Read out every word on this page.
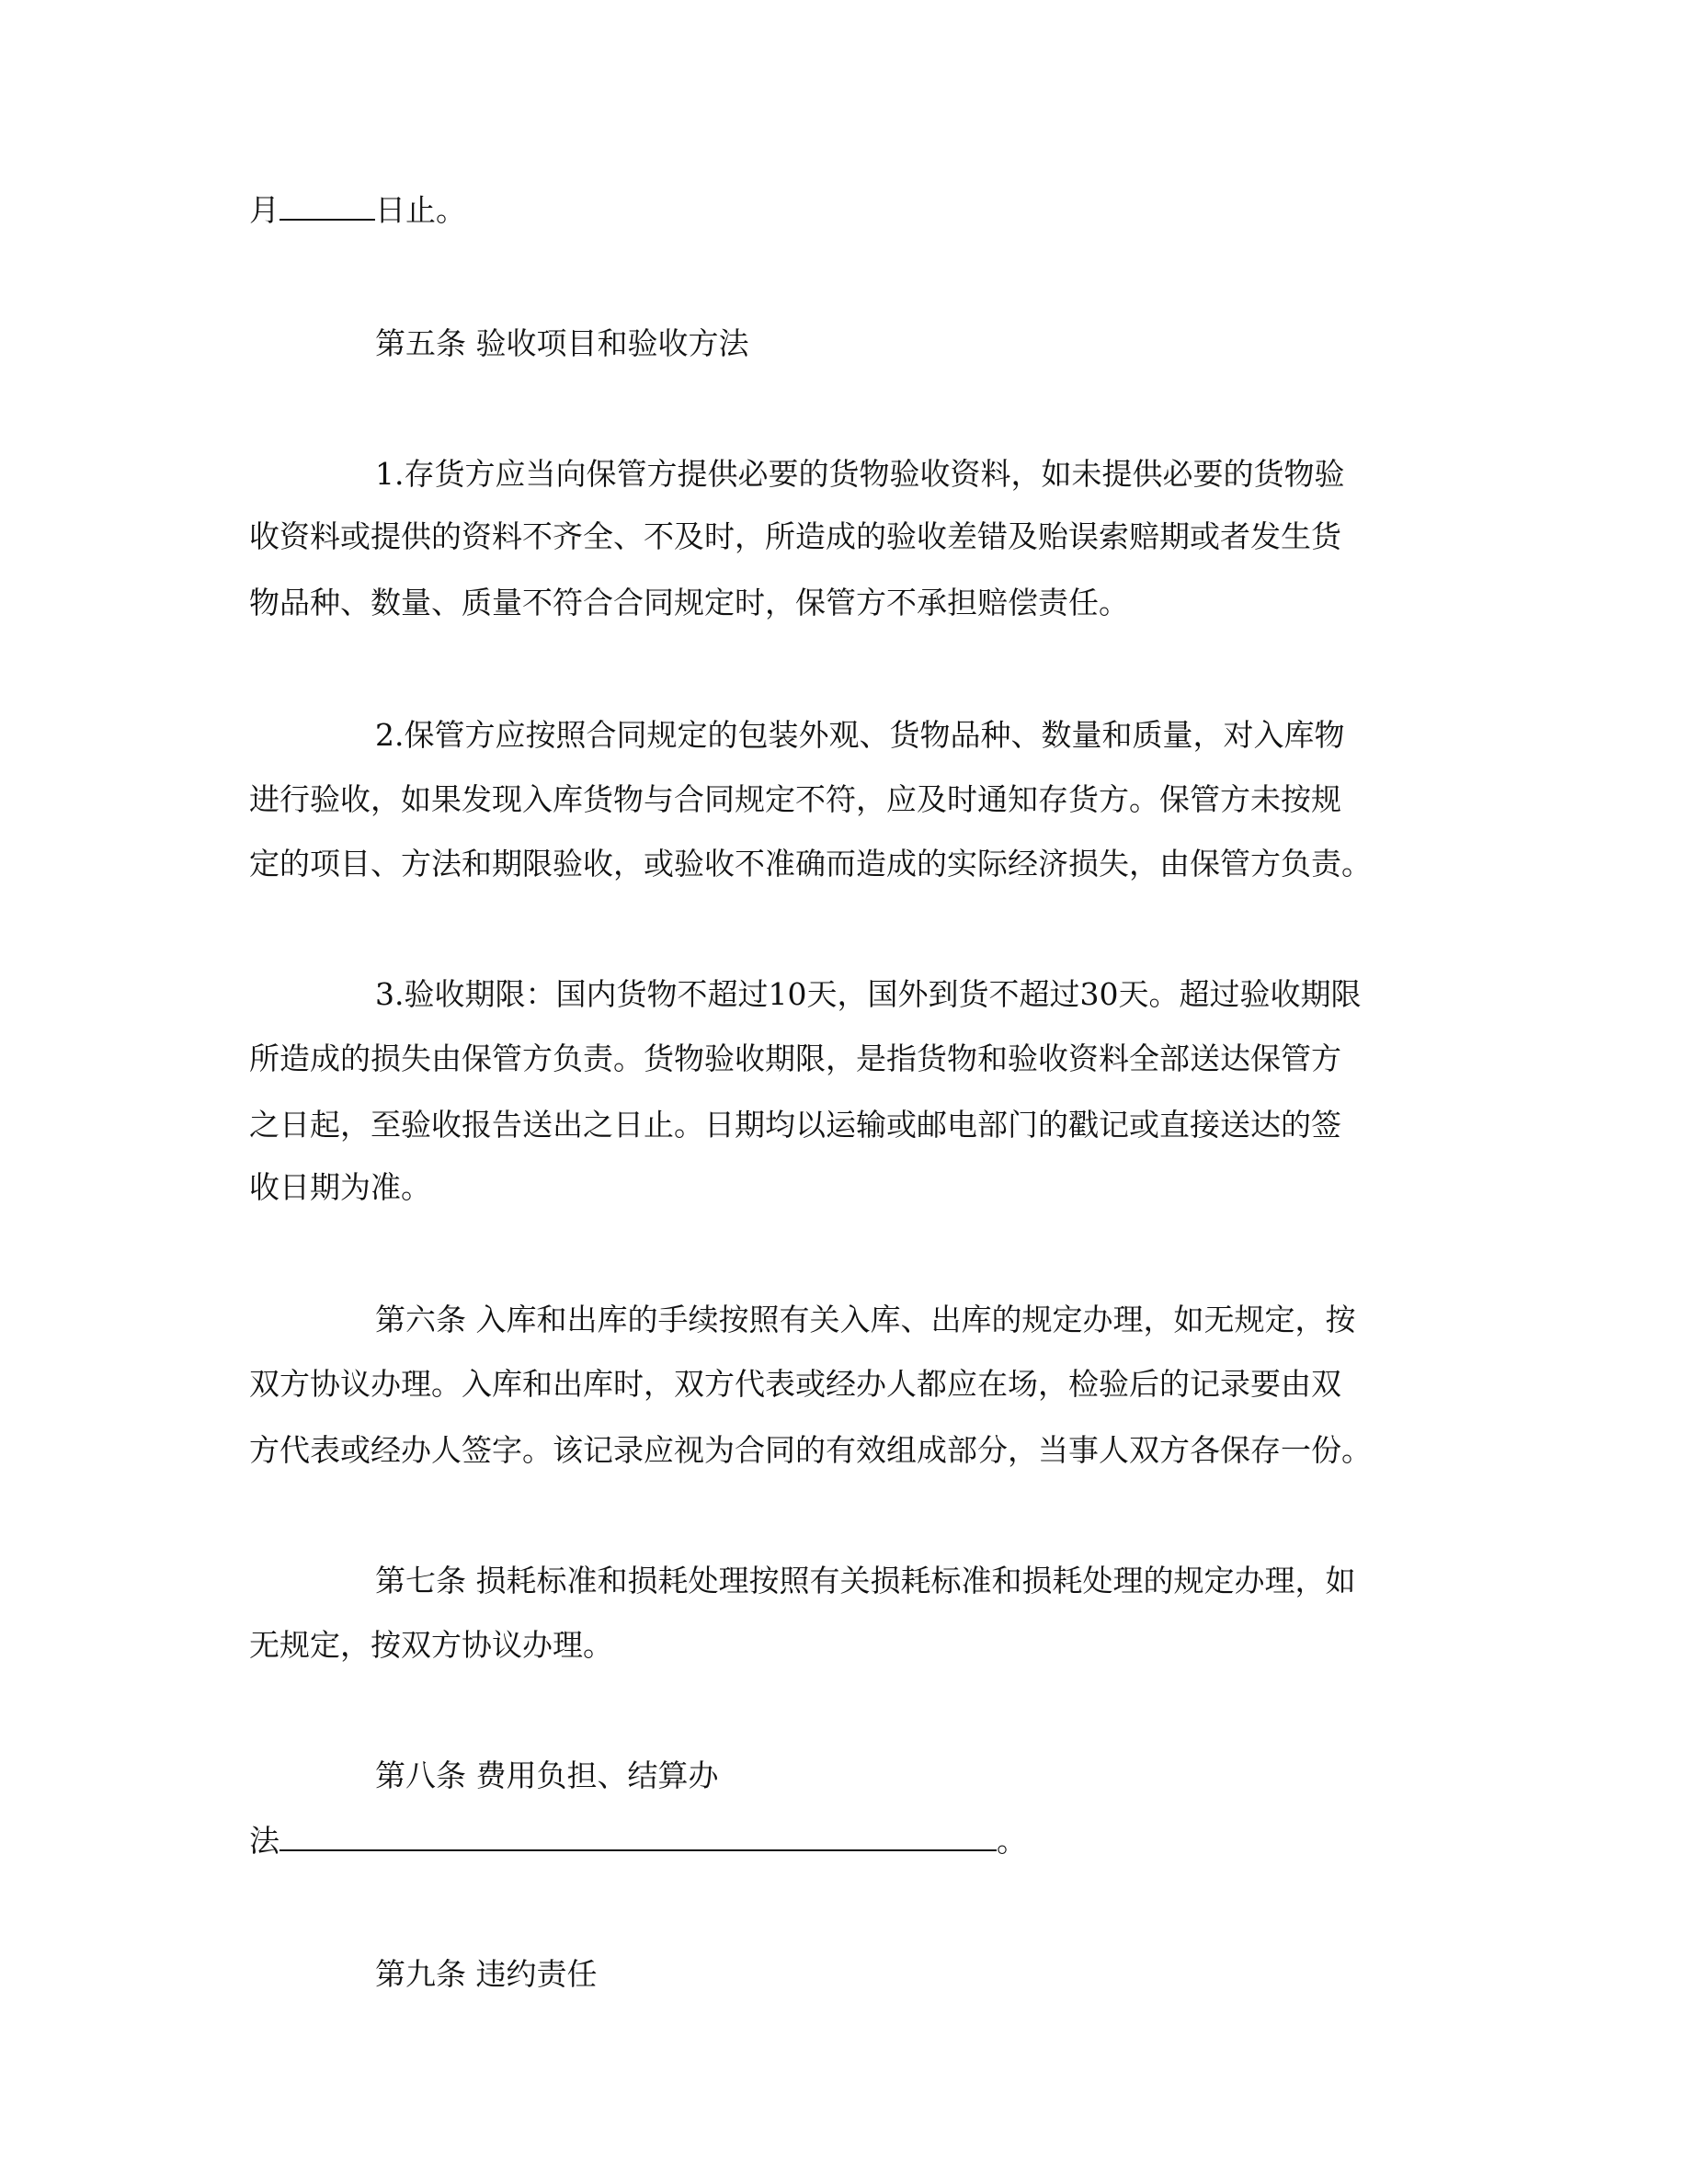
月	日止。
第五条 验收项目和验收方法
1.存货方应当向保管方提供必要的货物验收资料，如未提供必要的货物验
收资料或提供的资料不齐全、不及时，所造成的验收差错及贻误索赔期或者发生货
物品种、数量、质量不符合合同规定时，保管方不承担赔偿责任。
2.保管方应按照合同规定的包装外观、货物品种、数量和质量，对入库物
进行验收，如果发现入库货物与合同规定不符，应及时通知存货方。保管方未按规
定的项目、方法和期限验收，或验收不准确而造成的实际经济损失，由保管方负责。
3.验收期限：国内货物不超过10天，国外到货不超过30天。超过验收期限
所造成的损失由保管方负责。货物验收期限，是指货物和验收资料全部送达保管方
之日起，至验收报告送出之日止。日期均以运输或邮电部门的戳记或直接送达的签
收日期为准。
第六条 入库和出库的手续按照有关入库、出库的规定办理，如无规定，按
双方协议办理。入库和出库时，双方代表或经办人都应在场，检验后的记录要由双
方代表或经办人签字。该记录应视为合同的有效组成部分，当事人双方各保存一份。
第七条 损耗标准和损耗处理按照有关损耗标准和损耗处理的规定办理，如
无规定，按双方协议办理。
第八条 费用负担、结算办
法	。
第九条 违约责任
